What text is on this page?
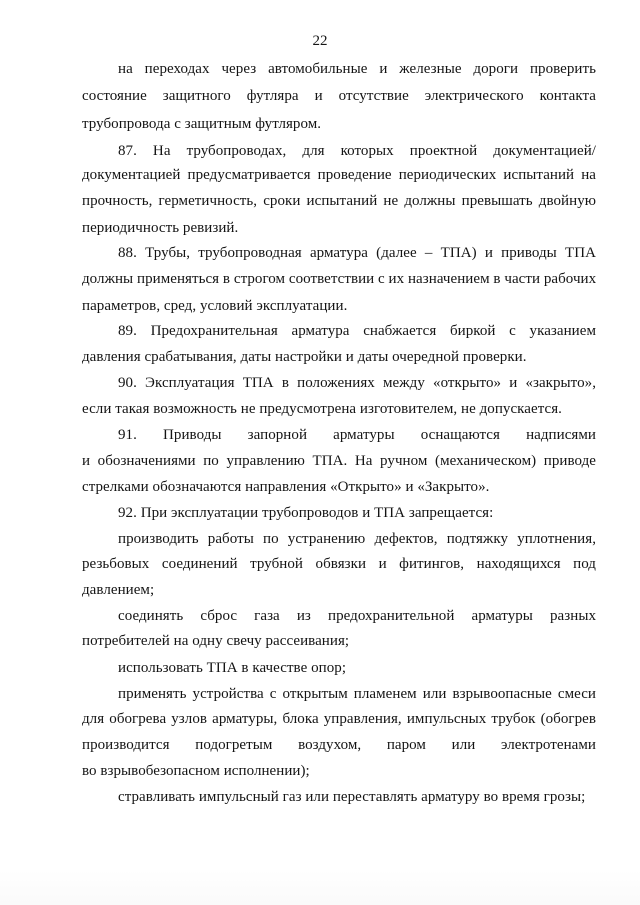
22
на переходах через автомобильные и железные дороги проверить
состояние защитного футляра и отсутствие электрического контакта
трубопровода с защитным футляром.
87. На трубопроводах, для которых проектной документацией/
документацией предусматривается проведение периодических испытаний на
прочность, герметичность, сроки испытаний не должны превышать двойную
периодичность ревизий.
88. Трубы, трубопроводная арматура (далее – ТПА) и приводы ТПА
должны применяться в строгом соответствии с их назначением в части рабочих
параметров, сред, условий эксплуатации.
89. Предохранительная арматура снабжается биркой с указанием
давления срабатывания, даты настройки и даты очередной проверки.
90. Эксплуатация ТПА в положениях между «открыто» и «закрыто»,
если такая возможность не предусмотрена изготовителем, не допускается.
91. Приводы запорной арматуры оснащаются надписями
и обозначениями по управлению ТПА. На ручном (механическом) приводе
стрелками обозначаются направления «Открыто» и «Закрыто».
92. При эксплуатации трубопроводов и ТПА запрещается:
производить работы по устранению дефектов, подтяжку уплотнения,
резьбовых соединений трубной обвязки и фитингов, находящихся под
давлением;
соединять сброс газа из предохранительной арматуры разных
потребителей на одну свечу рассеивания;
использовать ТПА в качестве опор;
применять устройства с открытым пламенем или взрывоопасные смеси
для обогрева узлов арматуры, блока управления, импульсных трубок (обогрев
производится подогретым воздухом, паром или электротенами
во взрывобезопасном исполнении);
стравливать импульсный газ или переставлять арматуру во время грозы;
